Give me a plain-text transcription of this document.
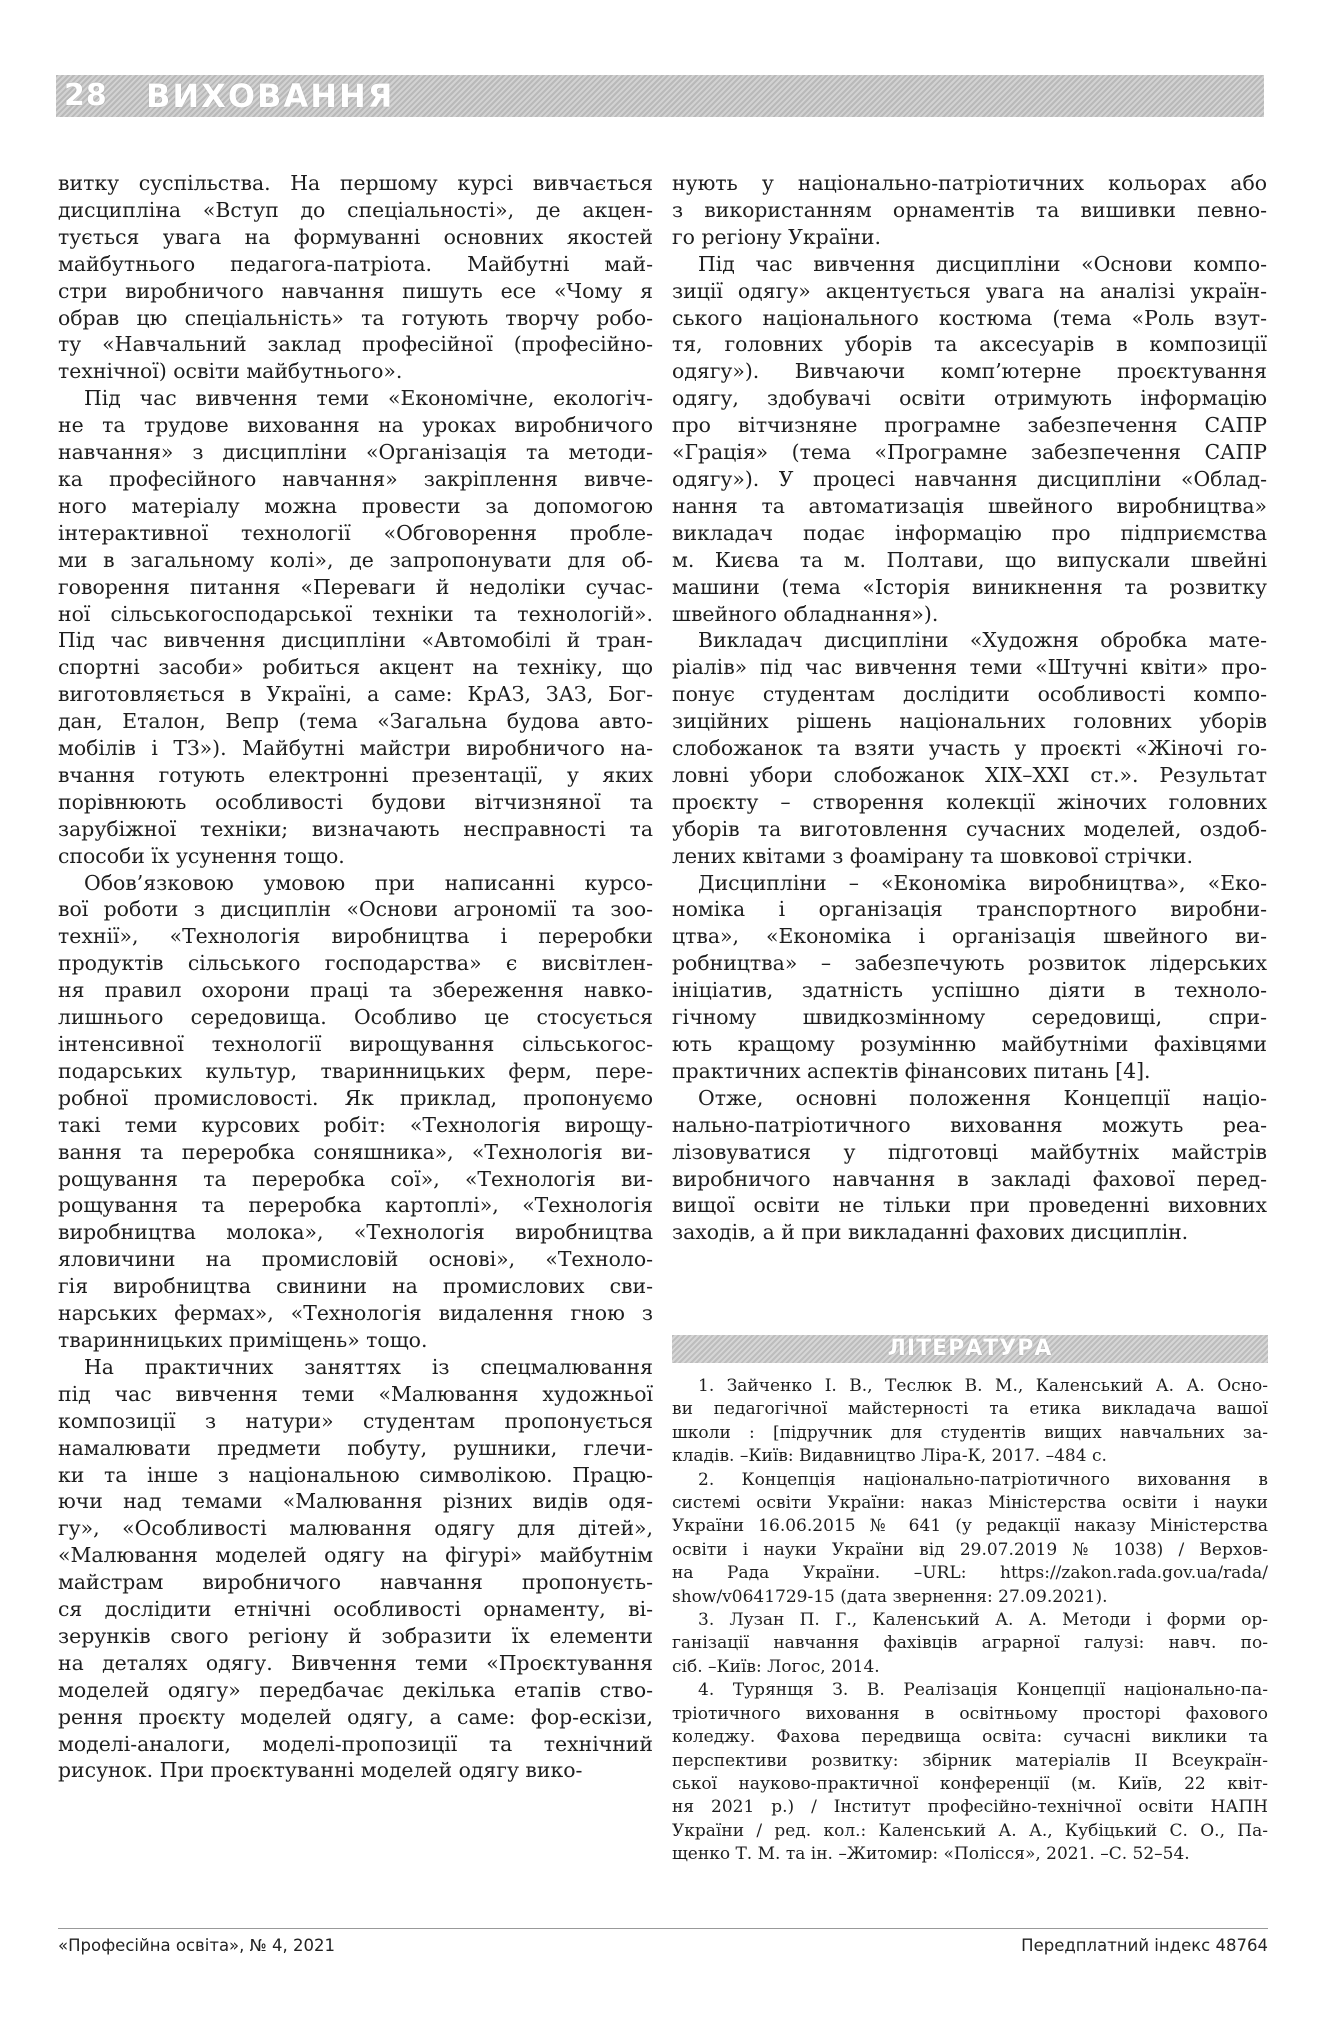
28 ВИХОВАННЯ
витку суспільства. На першому курсі вивчається
дисципліна «Вступ до спеціальності», де акцен-
тується увага на формуванні основних якостей
майбутнього педагога-патріота. Майбутні май-
стри виробничого навчання пишуть есе «Чому я
обрав цю спеціальність» та готують творчу робо-
ту «Навчальний заклад професійної (професійно-
технічної) освіти майбутнього».
Під час вивчення теми «Економічне, екологіч-
не та трудове виховання на уроках виробничого
навчання» з дисципліни «Організація та методи-
ка професійного навчання» закріплення вивче-
ного матеріалу можна провести за допомогою
інтерактивної технології «Обговорення пробле-
ми в загальному колі», де запропонувати для об-
говорення питання «Переваги й недоліки сучас-
ної сільськогосподарської техніки та технологій».
Під час вивчення дисципліни «Автомобілі й тран-
спортні засоби» робиться акцент на техніку, що
виготовляється в Україні, а саме: КрАЗ, ЗАЗ, Бог-
дан, Еталон, Вепр (тема «Загальна будова авто-
мобілів і ТЗ»). Майбутні майстри виробничого на-
вчання готують електронні презентації, у яких
порівнюють особливості будови вітчизняної та
зарубіжної техніки; визначають несправності та
способи їх усунення тощо.
Обов’язковою умовою при написанні курсо-
вої роботи з дисциплін «Основи агрономії та зоо-
технії», «Технологія виробництва і переробки
продуктів сільського господарства» є висвітлен-
ня правил охорони праці та збереження навко-
лишнього середовища. Особливо це стосується
інтенсивної технології вирощування сільськогос-
подарських культур, тваринницьких ферм, пере-
робної промисловості. Як приклад, пропонуємо
такі теми курсових робіт: «Технологія вирощу-
вання та переробка соняшника», «Технологія ви-
рощування та переробка сої», «Технологія ви-
рощування та переробка картоплі», «Технологія
виробництва молока», «Технологія виробництва
яловичини на промисловій основі», «Техноло-
гія виробництва свинини на промислових сви-
нарських фермах», «Технологія видалення гною з
тваринницьких приміщень» тощо.
На практичних заняттях із спецмалювання
під час вивчення теми «Малювання художньої
композиції з натури» студентам пропонується
намалювати предмети побуту, рушники, глечи-
ки та інше з національною символікою. Працю-
ючи над темами «Малювання різних видів одя-
гу», «Особливості малювання одягу для дітей»,
«Малювання моделей одягу на фігурі» майбутнім
майстрам виробничого навчання пропонуєть-
ся дослідити етнічні особливості орнаменту, ві-
зерунків свого регіону й зобразити їх елементи
на деталях одягу. Вивчення теми «Проєктування
моделей одягу» передбачає декілька етапів ство-
рення проєкту моделей одягу, а саме: фор-ескізи,
моделі-аналоги, моделі-пропозиції та технічний
рисунок. При проєктуванні моделей одягу вико-
нують у національно-патріотичних кольорах або
з використанням орнаментів та вишивки певно-
го регіону України.
Під час вивчення дисципліни «Основи компо-
зиції одягу» акцентується увага на аналізі україн-
ського національного костюма (тема «Роль взут-
тя, головних уборів та аксесуарів в композиції
одягу»). Вивчаючи комп’ютерне проєктування
одягу, здобувачі освіти отримують інформацію
про вітчизняне програмне забезпечення САПР
«Грація» (тема «Програмне забезпечення САПР
одягу»). У процесі навчання дисципліни «Облад-
нання та автоматизація швейного виробництва»
викладач подає інформацію про підприємства
м. Києва та м. Полтави, що випускали швейні
машини (тема «Історія виникнення та розвитку
швейного обладнання»).
Викладач дисципліни «Художня обробка мате-
ріалів» під час вивчення теми «Штучні квіти» про-
понує студентам дослідити особливості компо-
зиційних рішень національних головних уборів
слобожанок та взяти участь у проєкті «Жіночі го-
ловні убори слобожанок XIX–XXI ст.». Результат
проєкту – створення колекції жіночих головних
уборів та виготовлення сучасних моделей, оздоб-
лених квітами з фоамірану та шовкової стрічки.
Дисципліни – «Економіка виробництва», «Еко-
номіка і організація транспортного виробни-
цтва», «Економіка і організація швейного ви-
робництва» – забезпечують розвиток лідерських
ініціатив, здатність успішно діяти в техноло-
гічному швидкозмінному середовищі, спри-
ють кращому розумінню майбутніми фахівцями
практичних аспектів фінансових питань [4].
Отже, основні положення Концепції націо-
нально-патріотичного виховання можуть реа-
лізовуватися у підготовці майбутніх майстрів
виробничого навчання в закладі фахової перед-
вищої освіти не тільки при проведенні виховних
заходів, а й при викладанні фахових дисциплін.
ЛІТЕРАТУРА
1. Зайченко І. В., Теслюк В. М., Каленський А. А. Осно-
ви педагогічної майстерності та етика викладача вашої
школи : [підручник для студентів вищих навчальних за-
кладів. –Київ: Видавництво Ліра-К, 2017. –484 с.
2. Концепція національно-патріотичного виховання в
системі освіти України: наказ Міністерства освіти і науки
України 16.06.2015 № 641 (у редакції наказу Міністерства
освіти і науки України від 29.07.2019 № 1038) / Верхов-
на Рада України. –URL: https://zakon.rada.gov.ua/rada/
show/v0641729-15 (дата звернення: 27.09.2021).
3. Лузан П. Г., Каленський А. А. Методи і форми ор-
ганізації навчання фахівців аграрної галузі: навч. по-
сіб. –Київ: Логос, 2014.
4. Турянщя З. В. Реалізація Концепції національно-па-
тріотичного виховання в освітньому просторі фахового
коледжу. Фахова передвища освіта: сучасні виклики та
перспективи розвитку: збірник матеріалів ІІ Всеукраїн-
ської науково-практичної конференції (м. Київ, 22 квіт-
ня 2021 р.) / Інститут професійно-технічної освіти НАПН
України / ред. кол.: Каленський А. А., Кубіцький С. О., Па-
щенко Т. М. та ін. –Житомир: «Полісся», 2021. –С. 52–54.
«Професійна освіта», № 4, 2021	Передплатний індекс 48764
